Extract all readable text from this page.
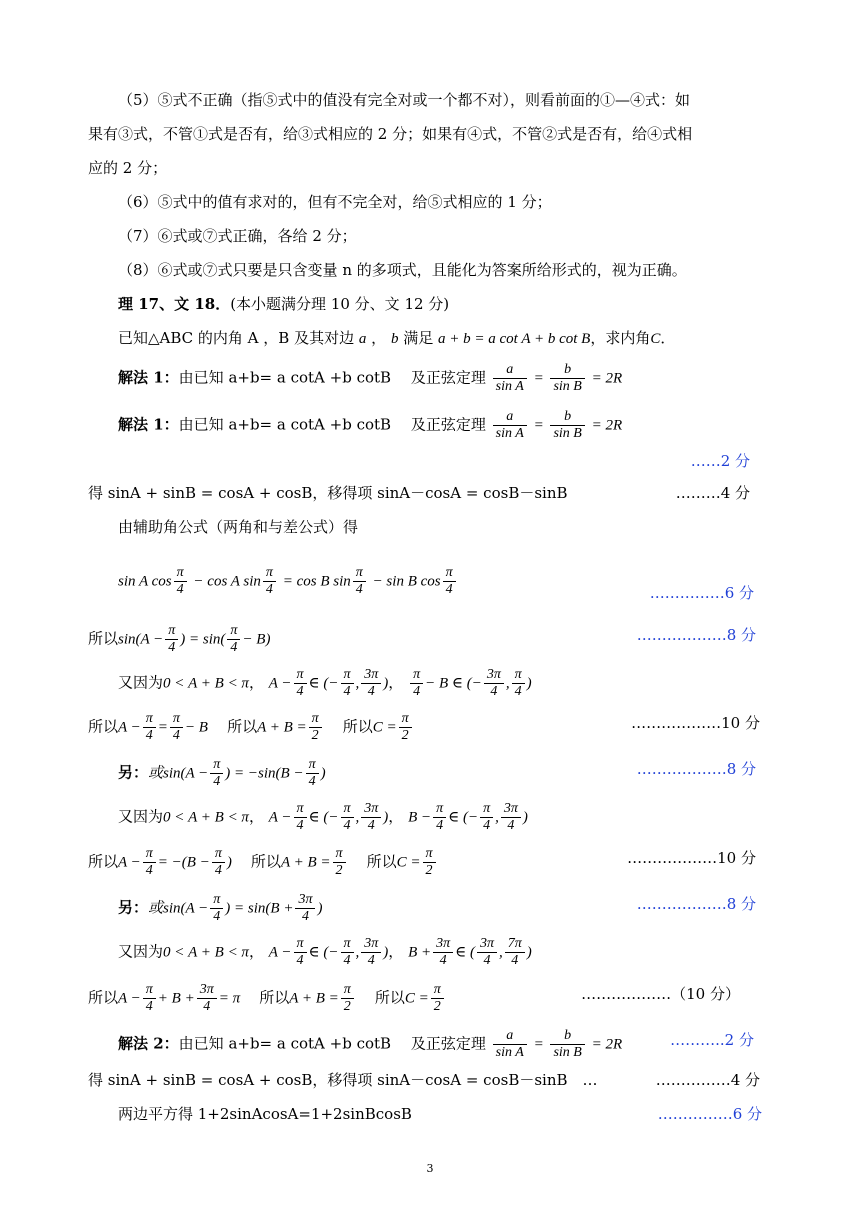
（5）⑤式不正确（指⑤式中的值没有完全对或一个都不对），则看前面的①—④式：如
果有③式，不管①式是否有，给③式相应的 2 分；如果有④式，不管②式是否有，给④式相
应的 2 分；
（6）⑤式中的值有求对的，但有不完全对，给⑤式相应的 1 分；
（7）⑥式或⑦式正确，各给 2 分；
（8）⑥式或⑦式只要是只含变量 n 的多项式，且能化为答案所给形式的，视为正确。
理 17、文 18．(本小题满分理 10 分、文 12 分)
已知△ABC 的内角 A ，B 及其对边 a ， b 满足 a + b = a cot A + b cot B，求内角C．
解法 1：由已知 a+b= a cotA +b cotB　 及正弦定理 $\frac{a}{\text{sin A}} = \frac{b}{\text{sin B}} = 2R$
解法 1：由已知 a+b= a cotA +b cotB　 及正弦定理 $\frac{a}{\text{sin A}} = \frac{b}{\text{sin B}} = 2R$
……2 分
得 sinA + sinB = cosA + cosB，移得项 sinA－cosA = cosB－sinB	………4 分
由辅助角公式（两角和与差公式）得
sin A $\cos \frac{\pi}{4} - \cos A$ $\sin \frac{\pi}{4} = \cos B$ $\sin \frac{\pi}{4} - \sin B$ $\cos \frac{\pi}{4}$	……………6 分
所以$\sin(A - \frac{\pi}{4}$ ) = $\sin( \frac{\pi}{4} - B)$	………………8 分
又因为0 < A + B < π， $A - \frac{\pi}{4}$ ∈ (− $\frac{\pi}{4}$ , $\frac{3\pi}{4}$ )， $\frac{\pi}{4} - B$ ∈ (− $\frac{3\pi}{4}$ , $\frac{\pi}{4}$ )
所以$A - \frac{\pi}{4} = \frac{\pi}{4} - B$ 所以$A + B = \frac{\pi}{2}$ 所以$C = \frac{\pi}{2}$	………………10 分
另：或$\sin(A - \frac{\pi}{4}$ ) = $-\sin(B - \frac{\pi}{4}$ )	………………8 分
又因为0 < A + B < π， $A - \frac{\pi}{4}$ ∈ (− $\frac{\pi}{4}$ , $\frac{3\pi}{4}$ )， $B - \frac{\pi}{4}$ ∈ (− $\frac{\pi}{4}$ , $\frac{3\pi}{4}$ )
所以$A - \frac{\pi}{4} = -(B - \frac{\pi}{4}$ ) 所以$A + B = \frac{\pi}{2}$ 所以$C = \frac{\pi}{2}$	………………10 分
另：或$\sin(A - \frac{\pi}{4}$ ) = $\sin(B + \frac{3\pi}{4}$ )	………………8 分
又因为0 < A + B < π， $A - \frac{\pi}{4}$ ∈ (− $\frac{\pi}{4}$ , $\frac{3\pi}{4}$ )， $B + \frac{3\pi}{4}$ ∈ ( $\frac{3\pi}{4}$ , $\frac{7\pi}{4}$ )
所以$A - \frac{\pi}{4} + B + \frac{3\pi}{4} = \pi$ 所以$A + B = \frac{\pi}{2}$ 所以$C = \frac{\pi}{2}$	………………（10 分）
解法 2：由已知 a+b= a cotA +b cotB　 及正弦定理 $\frac{a}{\text{sin A}} = \frac{b}{\text{sin B}} = 2R$	………..2 分
得 sinA + sinB = cosA + cosB，移得项 sinA－cosA = cosB－sinB　…	……………4 分
两边平方得 1+2sinAcosA=1+2sinBcosB	……………6 分
3
